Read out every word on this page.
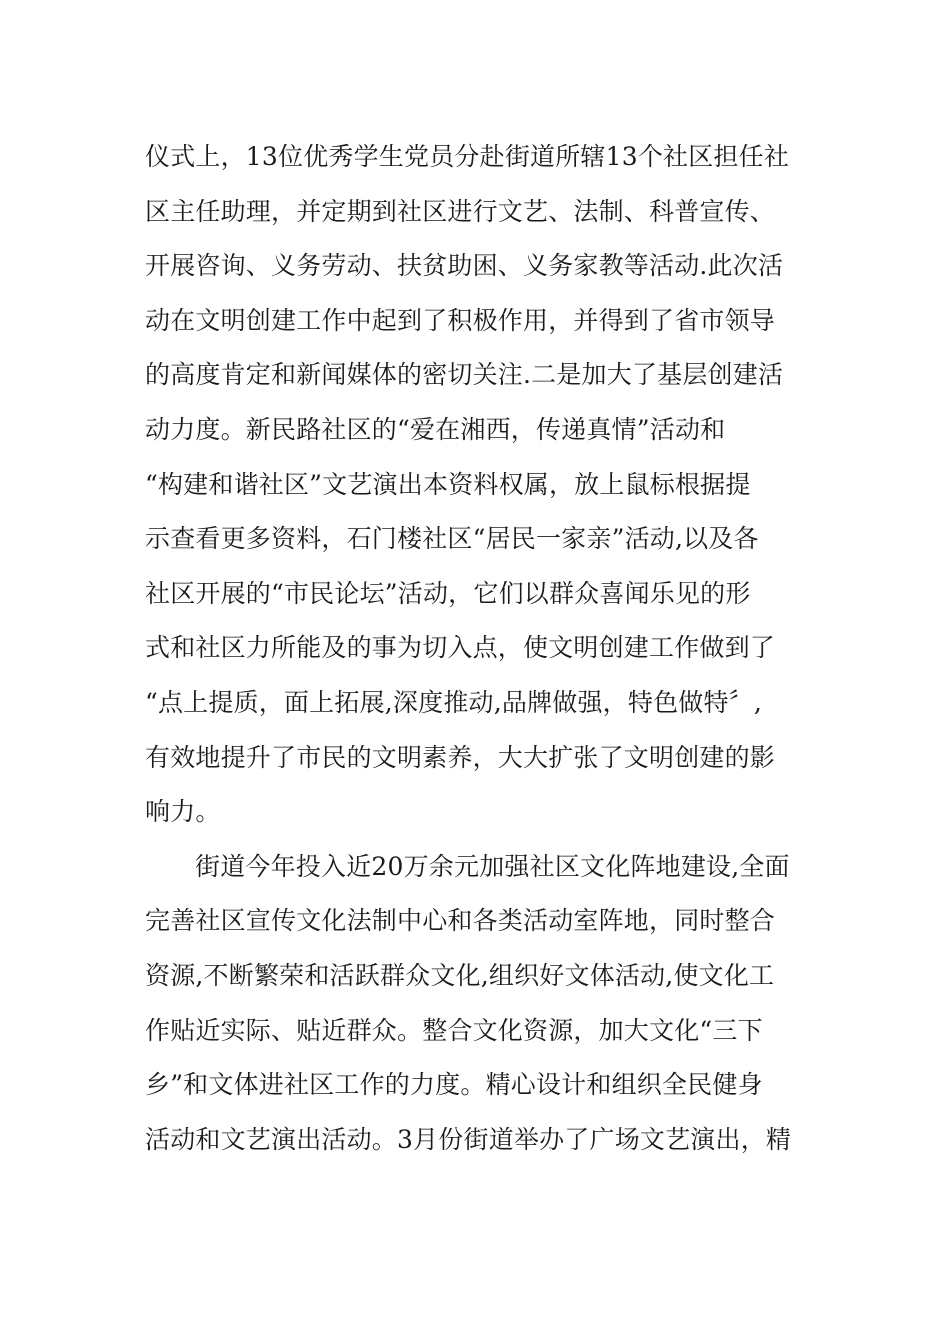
仪式上，13位优秀学生党员分赴街道所辖13个社区担任社
区主任助理，并定期到社区进行文艺、法制、科普宣传、
开展咨询、义务劳动、扶贫助困、义务家教等活动.此次活
动在文明创建工作中起到了积极作用，并得到了省市领导
的高度肯定和新闻媒体的密切关注.二是加大了基层创建活
动力度。新民路社区的“爱在湘西，传递真情”活动和
“构建和谐社区”文艺演出本资料权属，放上鼠标根据提
示查看更多资料，石门楼社区“居民一家亲”活动,以及各
社区开展的“市民论坛”活动，它们以群众喜闻乐见的形
式和社区力所能及的事为切入点，使文明创建工作做到了
“点上提质，面上拓展,深度推动,品牌做强，特色做特〞,
有效地提升了市民的文明素养，大大扩张了文明创建的影
响力。
街道今年投入近20万余元加强社区文化阵地建设,全面
完善社区宣传文化法制中心和各类活动室阵地，同时整合
资源,不断繁荣和活跃群众文化,组织好文体活动,使文化工
作贴近实际、贴近群众。整合文化资源，加大文化“三下
乡”和文体进社区工作的力度。精心设计和组织全民健身
活动和文艺演出活动。3月份街道举办了广场文艺演出，精
